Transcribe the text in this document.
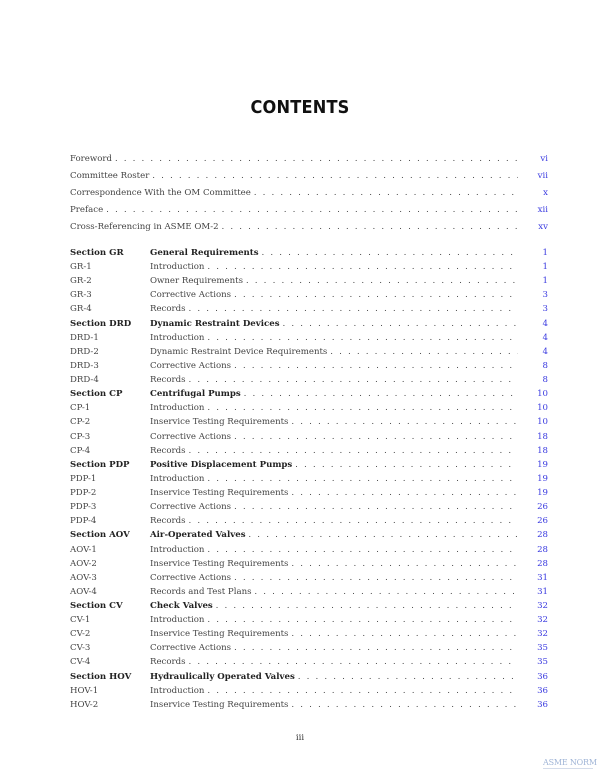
CONTENTS
Foreword . . .	vi
Committee Roster . . .	vii
Correspondence With the OM Committee . . .	x
Preface . . .	xii
Cross-Referencing in ASME OM-2 . . .	xv
Section GR	General Requirements . . .	1
GR-1	Introduction . . .	1
GR-2	Owner Requirements . . .	1
GR-3	Corrective Actions . . .	3
GR-4	Records . . .	3
Section DRD	Dynamic Restraint Devices . . .	4
DRD-1	Introduction . . .	4
DRD-2	Dynamic Restraint Device Requirements . . .	4
DRD-3	Corrective Actions . . .	8
DRD-4	Records . . .	8
Section CP	Centrifugal Pumps . . .	10
CP-1	Introduction . . .	10
CP-2	Inservice Testing Requirements . . .	10
CP-3	Corrective Actions . . .	18
CP-4	Records . . .	18
Section PDP	Positive Displacement Pumps . . .	19
PDP-1	Introduction . . .	19
PDP-2	Inservice Testing Requirements . . .	19
PDP-3	Corrective Actions . . .	26
PDP-4	Records . . .	26
Section AOV	Air-Operated Valves . . .	28
AOV-1	Introduction . . .	28
AOV-2	Inservice Testing Requirements . . .	28
AOV-3	Corrective Actions . . .	31
AOV-4	Records and Test Plans . . .	31
Section CV	Check Valves . . .	32
CV-1	Introduction . . .	32
CV-2	Inservice Testing Requirements . . .	32
CV-3	Corrective Actions . . .	35
CV-4	Records . . .	35
Section HOV	Hydraulically Operated Valves . . .	36
HOV-1	Introduction . . .	36
HOV-2	Inservice Testing Requirements . . .	36
iii
ASME NORM
